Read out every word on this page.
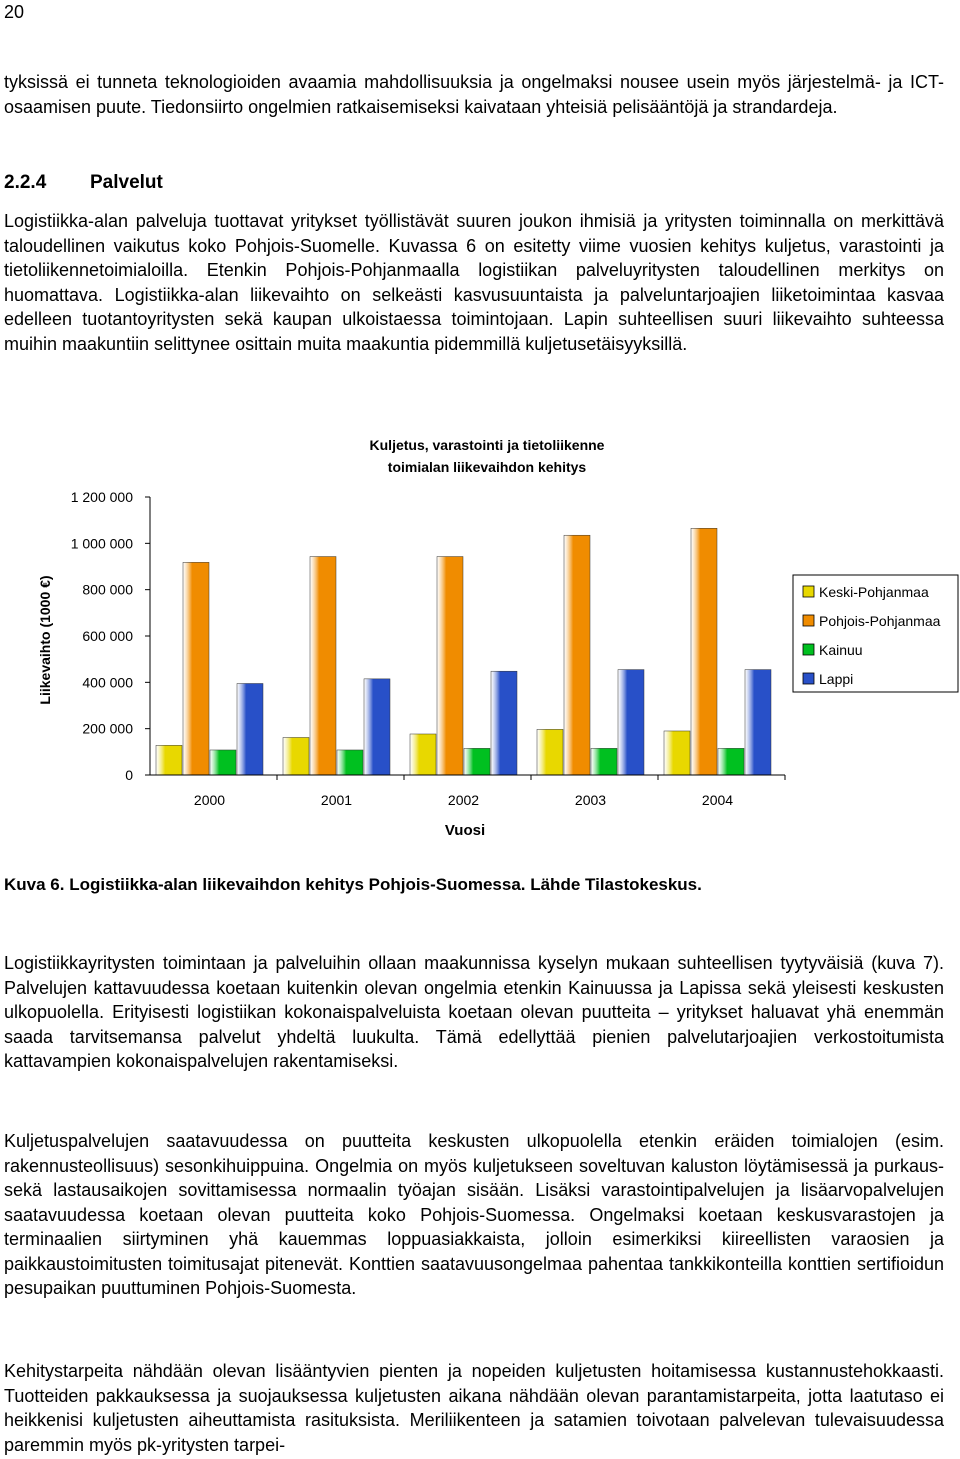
20

tyksissä ei tunneta teknologioiden avaamia mahdollisuuksia ja ongelmaksi nousee usein myös järjestelmä- ja ICT-osaamisen puute. Tiedonsiirto ongelmien ratkaisemiseksi kaivataan yhteisiä pelisääntöjä ja strandardeja.

2.2.4 Palvelut

Logistiikka-alan palveluja tuottavat yritykset työllistävät suuren joukon ihmisiä ja yritysten toiminnalla on merkittävä taloudellinen vaikutus koko Pohjois-Suomelle. Kuvassa 6 on esitetty viime vuosien kehitys kuljetus, varastointi ja tietoliikennetoimialoilla. Etenkin Pohjois-Pohjanmaalla logistiikan palveluyritysten taloudellinen merkitys on huomattava. Logistiikka-alan liikevaihto on selkeästi kasvusuuntaista ja palveluntarjoajien liiketoimintaa kasvaa edelleen tuotantoyritysten sekä kaupan ulkoistaessa toimintojaan. Lapin suhteellisen suuri liikevaihto suhteessa muihin maakuntiin selittynee osittain muita maakuntia pidemmillä kuljetusetäisyyksillä.

Kuljetus, varastointi ja tietoliikenne
toimialan liikevaihdon kehitys
0
200 000
400 000
600 000
800 000
1 000 000
1 200 000
2000	2001	2002	2003	2004
Liikevaihto (1000 €)
Vuosi
Keski-Pohjanmaa
Pohjois-Pohjanmaa
Kainuu
Lappi

Kuva 6. Logistiikka-alan liikevaihdon kehitys Pohjois-Suomessa. Lähde Tilastokeskus.

Logistiikkayritysten toimintaan ja palveluihin ollaan maakunnissa kyselyn mukaan suhteellisen tyytyväisiä (kuva 7). Palvelujen kattavuudessa koetaan kuitenkin olevan ongelmia etenkin Kainuussa ja Lapissa sekä yleisesti keskusten ulkopuolella. Erityisesti logistiikan kokonaispalveluista koetaan olevan puutteita – yritykset haluavat yhä enemmän saada tarvitsemansa palvelut yhdeltä luukulta. Tämä edellyttää pienien palvelutarjoajien verkostoitumista kattavampien kokonaispalvelujen rakentamiseksi.

Kuljetuspalvelujen saatavuudessa on puutteita keskusten ulkopuolella etenkin eräiden toimialojen (esim. rakennusteollisuus) sesonkihuippuina. Ongelmia on myös kuljetukseen soveltuvan kaluston löytämisessä ja purkaus- sekä lastausaikojen sovittamisessa normaalin työajan sisään. Lisäksi varastointipalvelujen ja lisäarvopalvelujen saatavuudessa koetaan olevan puutteita koko Pohjois-Suomessa. Ongelmaksi koetaan keskusvarastojen ja terminaalien siirtyminen yhä kauemmas loppuasiakkaista, jolloin esimerkiksi kiireellisten varaosien ja paikkaustoimitusten toimitusajat pitenevät. Konttien saatavuusongelmaa pahentaa tankkikonteilla konttien sertifioidun pesupaikan puuttuminen Pohjois-Suomesta.

Kehitystarpeita nähdään olevan lisääntyvien pienten ja nopeiden kuljetusten hoitamisessa kustannustehokkaasti. Tuotteiden pakkauksessa ja suojauksessa kuljetusten aikana nähdään olevan parantamistarpeita, jotta laatutaso ei heikkenisi kuljetusten aiheuttamista rasituksista. Meriliikenteen ja satamien toivotaan palvelevan tulevaisuudessa paremmin myös pk-yritysten tarpei-
